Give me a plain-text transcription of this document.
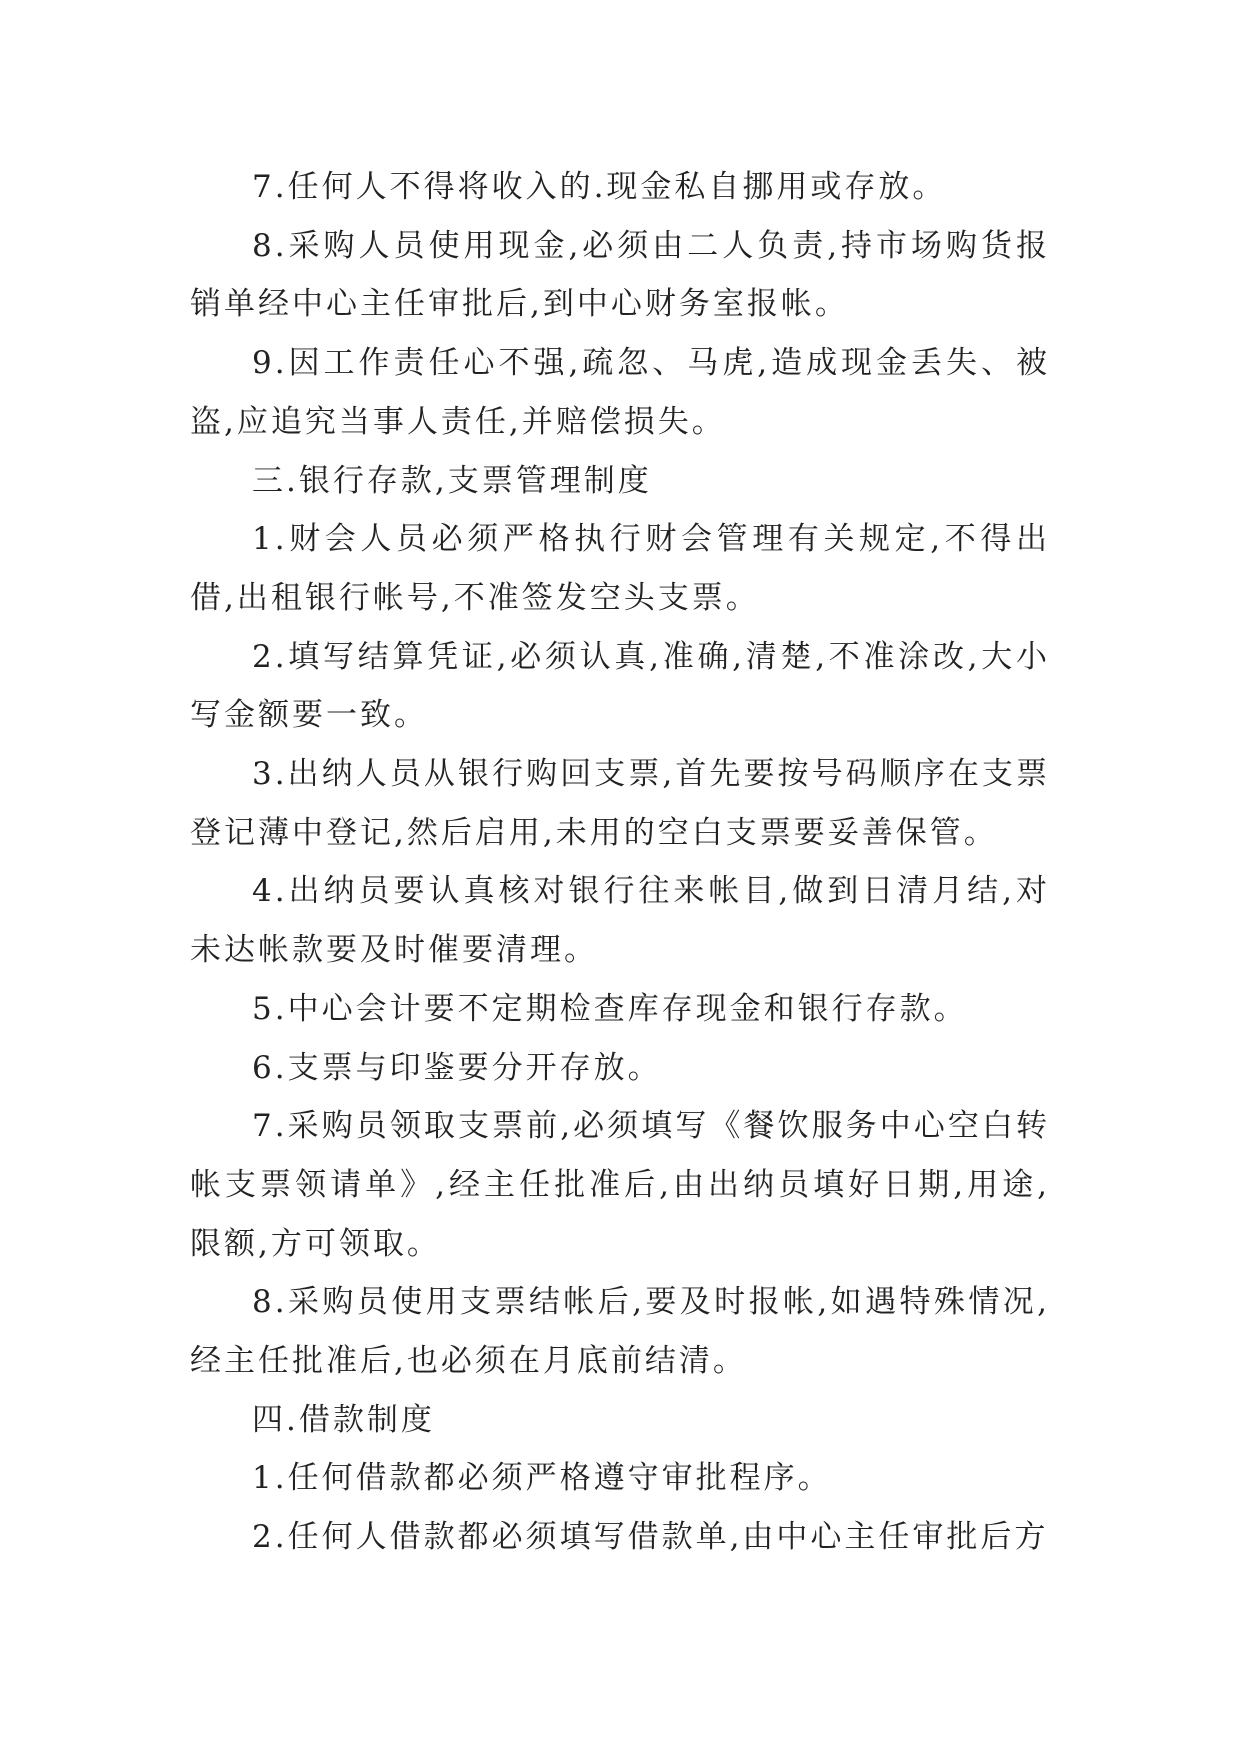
7.任何人不得将收入的.现金私自挪用或存放。

8.采购人员使用现金,必须由二人负责,持市场购货报销单经中心主任审批后,到中心财务室报帐。

9.因工作责任心不强,疏忽、马虎,造成现金丢失、被盗,应追究当事人责任,并赔偿损失。

三.银行存款,支票管理制度

1.财会人员必须严格执行财会管理有关规定,不得出借,出租银行帐号,不准签发空头支票。

2.填写结算凭证,必须认真,准确,清楚,不准涂改,大小写金额要一致。

3.出纳人员从银行购回支票,首先要按号码顺序在支票登记薄中登记,然后启用,未用的空白支票要妥善保管。

4.出纳员要认真核对银行往来帐目,做到日清月结,对未达帐款要及时催要清理。

5.中心会计要不定期检查库存现金和银行存款。

6.支票与印鉴要分开存放。

7.采购员领取支票前,必须填写《餐饮服务中心空白转帐支票领请单》,经主任批准后,由出纳员填好日期,用途,限额,方可领取。

8.采购员使用支票结帐后,要及时报帐,如遇特殊情况,经主任批准后,也必须在月底前结清。

四.借款制度

1.任何借款都必须严格遵守审批程序。

2.任何人借款都必须填写借款单,由中心主任审批后方
